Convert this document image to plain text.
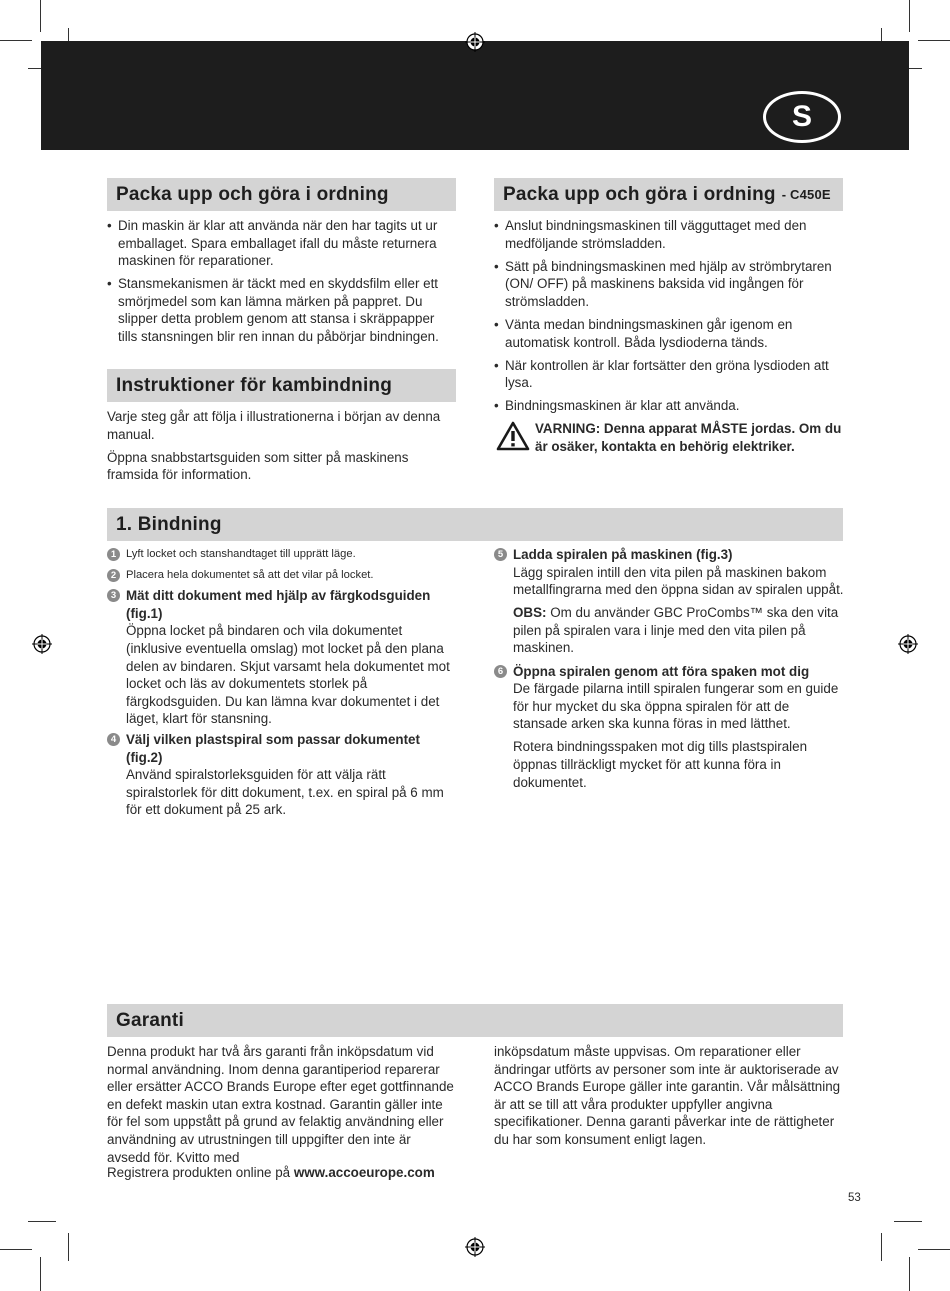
S
Packa upp och göra i ordning
• Din maskin är klar att använda när den har tagits ut ur emballaget. Spara emballaget ifall du måste returnera maskinen för reparationer.
• Stansmekanismen är täckt med en skyddsfilm eller ett smörjmedel som kan lämna märken på pappret. Du slipper detta problem genom att stansa i skräppapper tills stansningen blir ren innan du påbörjar bindningen.
Instruktioner för kambindning

Varje steg går att följa i illustrationerna i början av denna manual.

Öppna snabbstartsguiden som sitter på maskinens framsida för information.

Packa upp och göra i ordning - C450E
• Anslut bindningsmaskinen till vägguttaget med den medföljande strömsladden.
• Sätt på bindningsmaskinen med hjälp av strömbrytaren (ON/ OFF) på maskinens baksida vid ingången för strömsladden.
• Vänta medan bindningsmaskinen går igenom en automatisk kontroll. Båda lysdioderna tänds.
• När kontrollen är klar fortsätter den gröna lysdioden att lysa.
• Bindningsmaskinen är klar att använda.
VARNING: Denna apparat MÅSTE jordas. Om du är osäker, kontakta en behörig elektriker.
1. Bindning
1 Lyft locket och stanshandtaget till upprätt läge.
2 Placera hela dokumentet så att det vilar på locket.
3 Mät ditt dokument med hjälp av färgkodsguiden (fig.1)
Öppna locket på bindaren och vila dokumentet (inklusive eventuella omslag) mot locket på den plana delen av bindaren. Skjut varsamt hela dokumentet mot locket och läs av dokumentets storlek på färgkodsguiden. Du kan lämna kvar dokumentet i det läget, klart för stansning.
4 Välj vilken plastspiral som passar dokumentet (fig.2)
Använd spiralstorleksguiden för att välja rätt spiralstorlek för ditt dokument, t.ex. en spiral på 6 mm för ett dokument på 25 ark.
5 Ladda spiralen på maskinen (fig.3)
Lägg spiralen intill den vita pilen på maskinen bakom metallfingrarna med den öppna sidan av spiralen uppåt.
OBS: Om du använder GBC ProCombs™ ska den vita pilen på spiralen vara i linje med den vita pilen på maskinen.
6 Öppna spiralen genom att föra spaken mot dig
De färgade pilarna intill spiralen fungerar som en guide för hur mycket du ska öppna spiralen för att de stansade arken ska kunna föras in med lätthet.
Rotera bindningsspaken mot dig tills plastspiralen öppnas tillräckligt mycket för att kunna föra in dokumentet.
Garanti

Denna produkt har två års garanti från inköpsdatum vid normal användning. Inom denna garantiperiod reparerar eller ersätter ACCO Brands Europe efter eget gottfinnande en defekt maskin utan extra kostnad. Garantin gäller inte för fel som uppstått på grund av felaktig användning eller användning av utrustningen till uppgifter den inte är avsedd för. Kvitto med

inköpsdatum måste uppvisas. Om reparationer eller ändringar utförts av personer som inte är auktoriserade av ACCO Brands Europe gäller inte garantin. Vår målsättning är att se till att våra produkter uppfyller angivna specifikationer. Denna garanti påverkar inte de rättigheter du har som konsument enligt lagen.

Registrera produkten online på www.accoeurope.com
53
